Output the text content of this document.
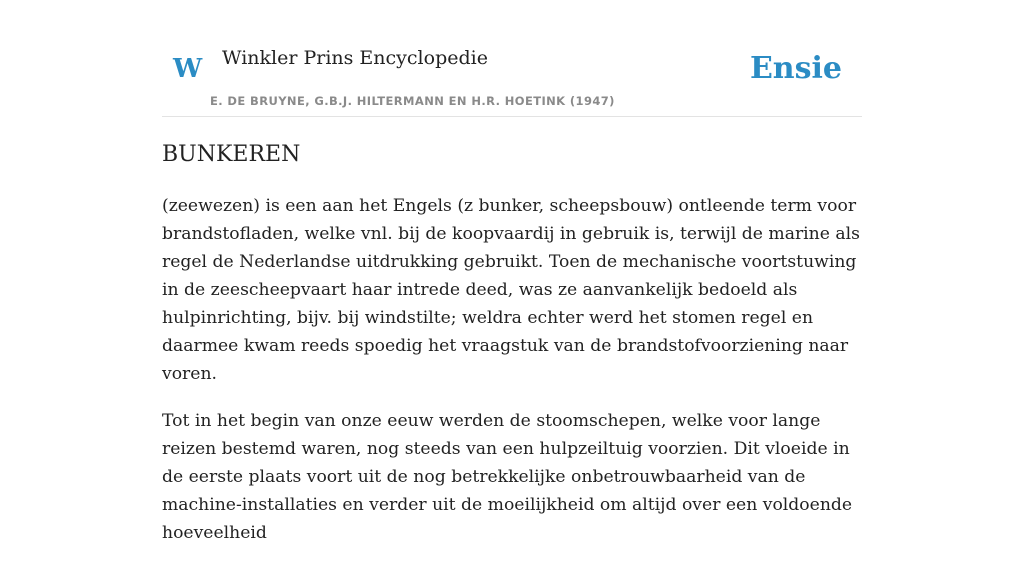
W Winkler Prins Encyclopedie
E. DE BRUYNE, G.B.J. HILTERMANN EN H.R. HOETINK (1947)
Ensie
BUNKEREN

(zeewezen) is een aan het Engels (z bunker, scheepsbouw) ontleende term voor brandstofladen, welke vnl. bij de koopvaardij in gebruik is, terwijl de marine als regel de Nederlandse uitdrukking gebruikt. Toen de mechanische voortstuwing in de zeescheepvaart haar intrede deed, was ze aanvankelijk bedoeld als hulpinrichting, bijv. bij windstilte; weldra echter werd het stomen regel en daarmee kwam reeds spoedig het vraagstuk van de brandstofvoorziening naar voren.

Tot in het begin van onze eeuw werden de stoomschepen, welke voor lange reizen bestemd waren, nog steeds van een hulpzeiltuig voorzien. Dit vloeide in de eerste plaats voort uit de nog betrekkelijke onbetrouwbaarheid van de machine-installaties en verder uit de moeilijkheid om altijd over een voldoende hoeveelheid
